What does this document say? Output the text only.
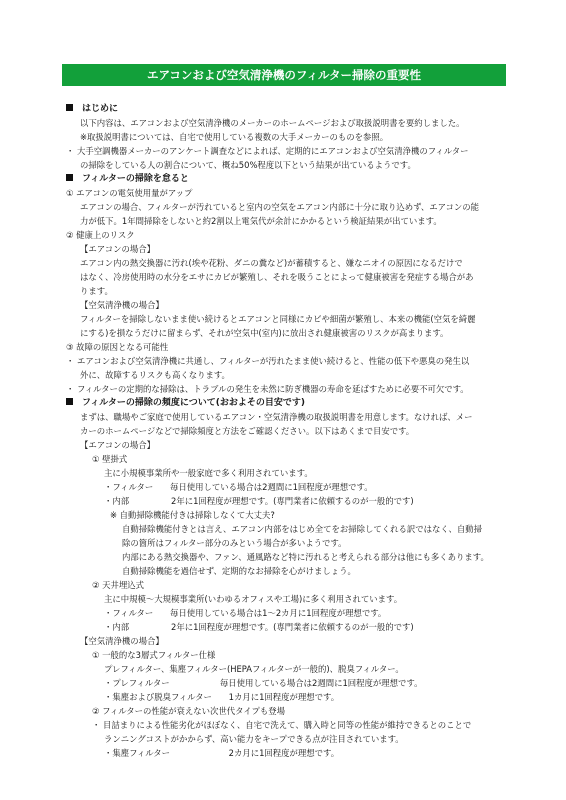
エアコンおよび空気清浄機のフィルター掃除の重要性
はじめに
以下内容は、エアコンおよび空気清浄機のメーカーのホームページおよび取扱説明書を要約しました。
※取扱説明書については、自宅で使用している複数の大手メーカーのものを参照。
・ 大手空調機器メーカーのアンケート調査などによれば、定期的にエアコンおよび空気清浄機のフィルター
の掃除をしている人の割合について、概ね50%程度以下という結果が出ているようです。
フィルターの掃除を怠ると
① エアコンの電気使用量がアップ
エアコンの場合、フィルターが汚れていると室内の空気をエアコン内部に十分に取り込めず、エアコンの能
力が低下。1年間掃除をしないと約2割以上電気代が余計にかかるという検証結果が出ています。
② 健康上のリスク
【エアコンの場合】
エアコン内の熱交換器に汚れ(埃や花粉、ダニの糞など)が蓄積すると、嫌なニオイの原因になるだけで
はなく、冷房使用時の水分をエサにカビが繁殖し、それを吸うことによって健康被害を発症する場合があ
ります。
【空気清浄機の場合】
フィルターを掃除しないまま使い続けるとエアコンと同様にカビや細菌が繁殖し、本来の機能(空気を綺麗
にする)を損なうだけに留まらず、それが空気中(室内)に放出され健康被害のリスクが高まります。
③ 故障の原因となる可能性
・ エアコンおよび空気清浄機に共通し、フィルターが汚れたまま使い続けると、性能の低下や悪臭の発生以
外に、故障するリスクも高くなります。
・ フィルターの定期的な掃除は、トラブルの発生を未然に防ぎ機器の寿命を延ばすために必要不可欠です。
フィルターの掃除の頻度について(おおよその目安です)
まずは、職場やご家庭で使用しているエアコン・空気清浄機の取扱説明書を用意します。なければ、メー
カーのホームページなどで掃除頻度と方法をご確認ください。以下はあくまで目安です。
【エアコンの場合】
① 壁掛式
主に小規模事業所や一般家庭で多く利用されています。
・フィルター　　毎日使用している場合は2週間に1回程度が理想です。
・内部　　　　　2年に1回程度が理想です。(専門業者に依頼するのが一般的です)
※ 自動掃除機能付きは掃除しなくて大丈夫?
自動掃除機能付きとは言え、エアコン内部をはじめ全てをお掃除してくれる訳ではなく、自動掃
除の箇所はフィルター部分のみという場合が多いようです。
内部にある熱交換器や、ファン、通風路など特に汚れると考えられる部分は他にも多くあります。
自動掃除機能を過信せず、定期的なお掃除を心がけましょう。
② 天井埋込式
主に中規模～大規模事業所(いわゆるオフィスや工場)に多く利用されています。
・フィルター　　毎日使用している場合は1～2カ月に1回程度が理想です。
・内部　　　　　2年に1回程度が理想です。(専門業者に依頼するのが一般的です)
【空気清浄機の場合】
① 一般的な3層式フィルター仕様
プレフィルター、集塵フィルター(HEPAフィルターが一般的)、脱臭フィルター。
・プレフィルター　　　　　　毎日使用している場合は2週間に1回程度が理想です。
・集塵および脱臭フィルター　　1カ月に1回程度が理想です。
② フィルターの性能が衰えない次世代タイプも登場
・ 目詰まりによる性能劣化がほぼなく、自宅で洗えて、購入時と同等の性能が維持できるとのことで
ランニングコストがかからず、高い能力をキープできる点が注目されています。
・集塵フィルター　　　　　　　2カ月に1回程度が理想です。
